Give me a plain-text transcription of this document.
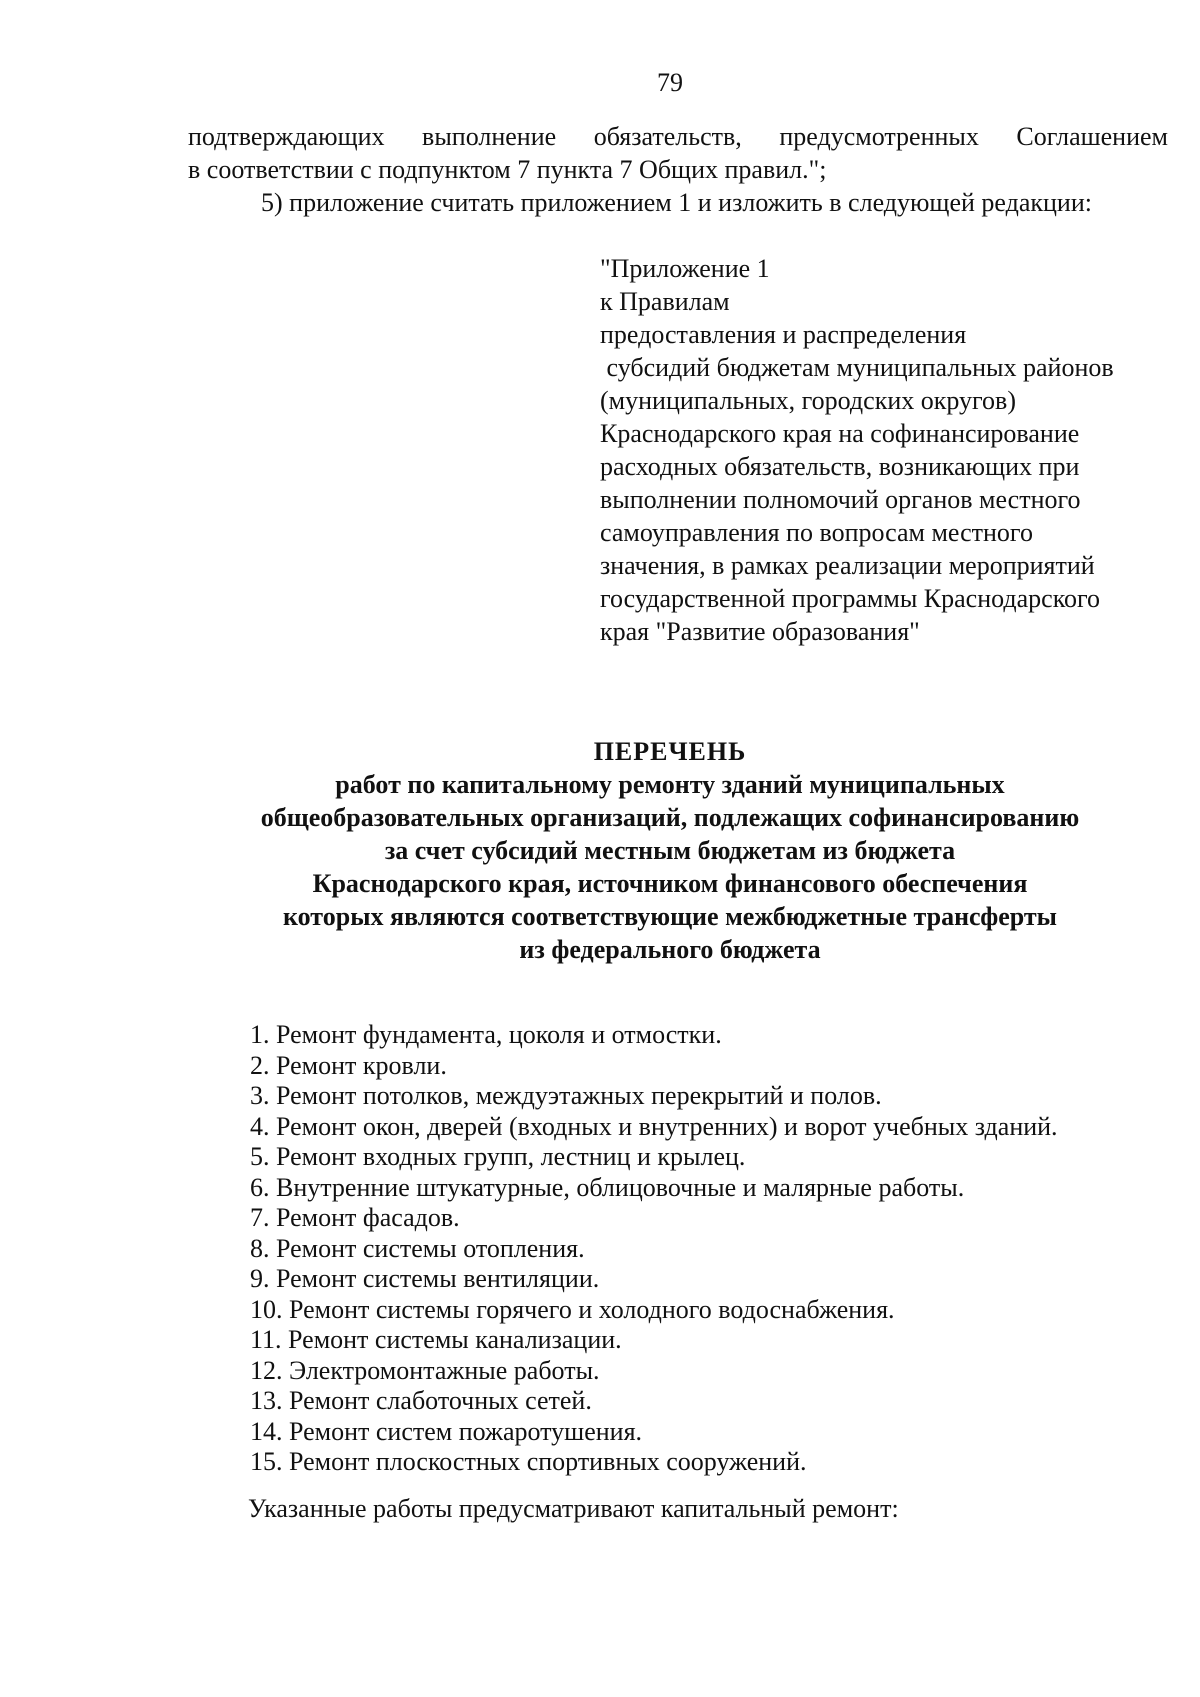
79
подтверждающих выполнение обязательств, предусмотренных Соглашением
в соответствии с подпунктом 7 пункта 7 Общих правил.";
5) приложение считать приложением 1 и изложить в следующей редакции:
"Приложение 1
к Правилам
предоставления и распределения
субсидий бюджетам муниципальных районов
(муниципальных, городских округов)
Краснодарского края на софинансирование
расходных обязательств, возникающих при
выполнении полномочий органов местного
самоуправления по вопросам местного
значения, в рамках реализации мероприятий
государственной программы Краснодарского
края "Развитие образования"
ПЕРЕЧЕНЬ
работ по капитальному ремонту зданий муниципальных
общеобразовательных организаций, подлежащих софинансированию
за счет субсидий местным бюджетам из бюджета
Краснодарского края, источником финансового обеспечения
которых являются соответствующие межбюджетные трансферты
из федерального бюджета
1. Ремонт фундамента, цоколя и отмостки.
2. Ремонт кровли.
3. Ремонт потолков, междуэтажных перекрытий и полов.
4. Ремонт окон, дверей (входных и внутренних) и ворот учебных зданий.
5. Ремонт входных групп, лестниц и крылец.
6. Внутренние штукатурные, облицовочные и малярные работы.
7. Ремонт фасадов.
8. Ремонт системы отопления.
9. Ремонт системы вентиляции.
10. Ремонт системы горячего и холодного водоснабжения.
11. Ремонт системы канализации.
12. Электромонтажные работы.
13. Ремонт слаботочных сетей.
14. Ремонт систем пожаротушения.
15. Ремонт плоскостных спортивных сооружений.
Указанные работы предусматривают капитальный ремонт:
